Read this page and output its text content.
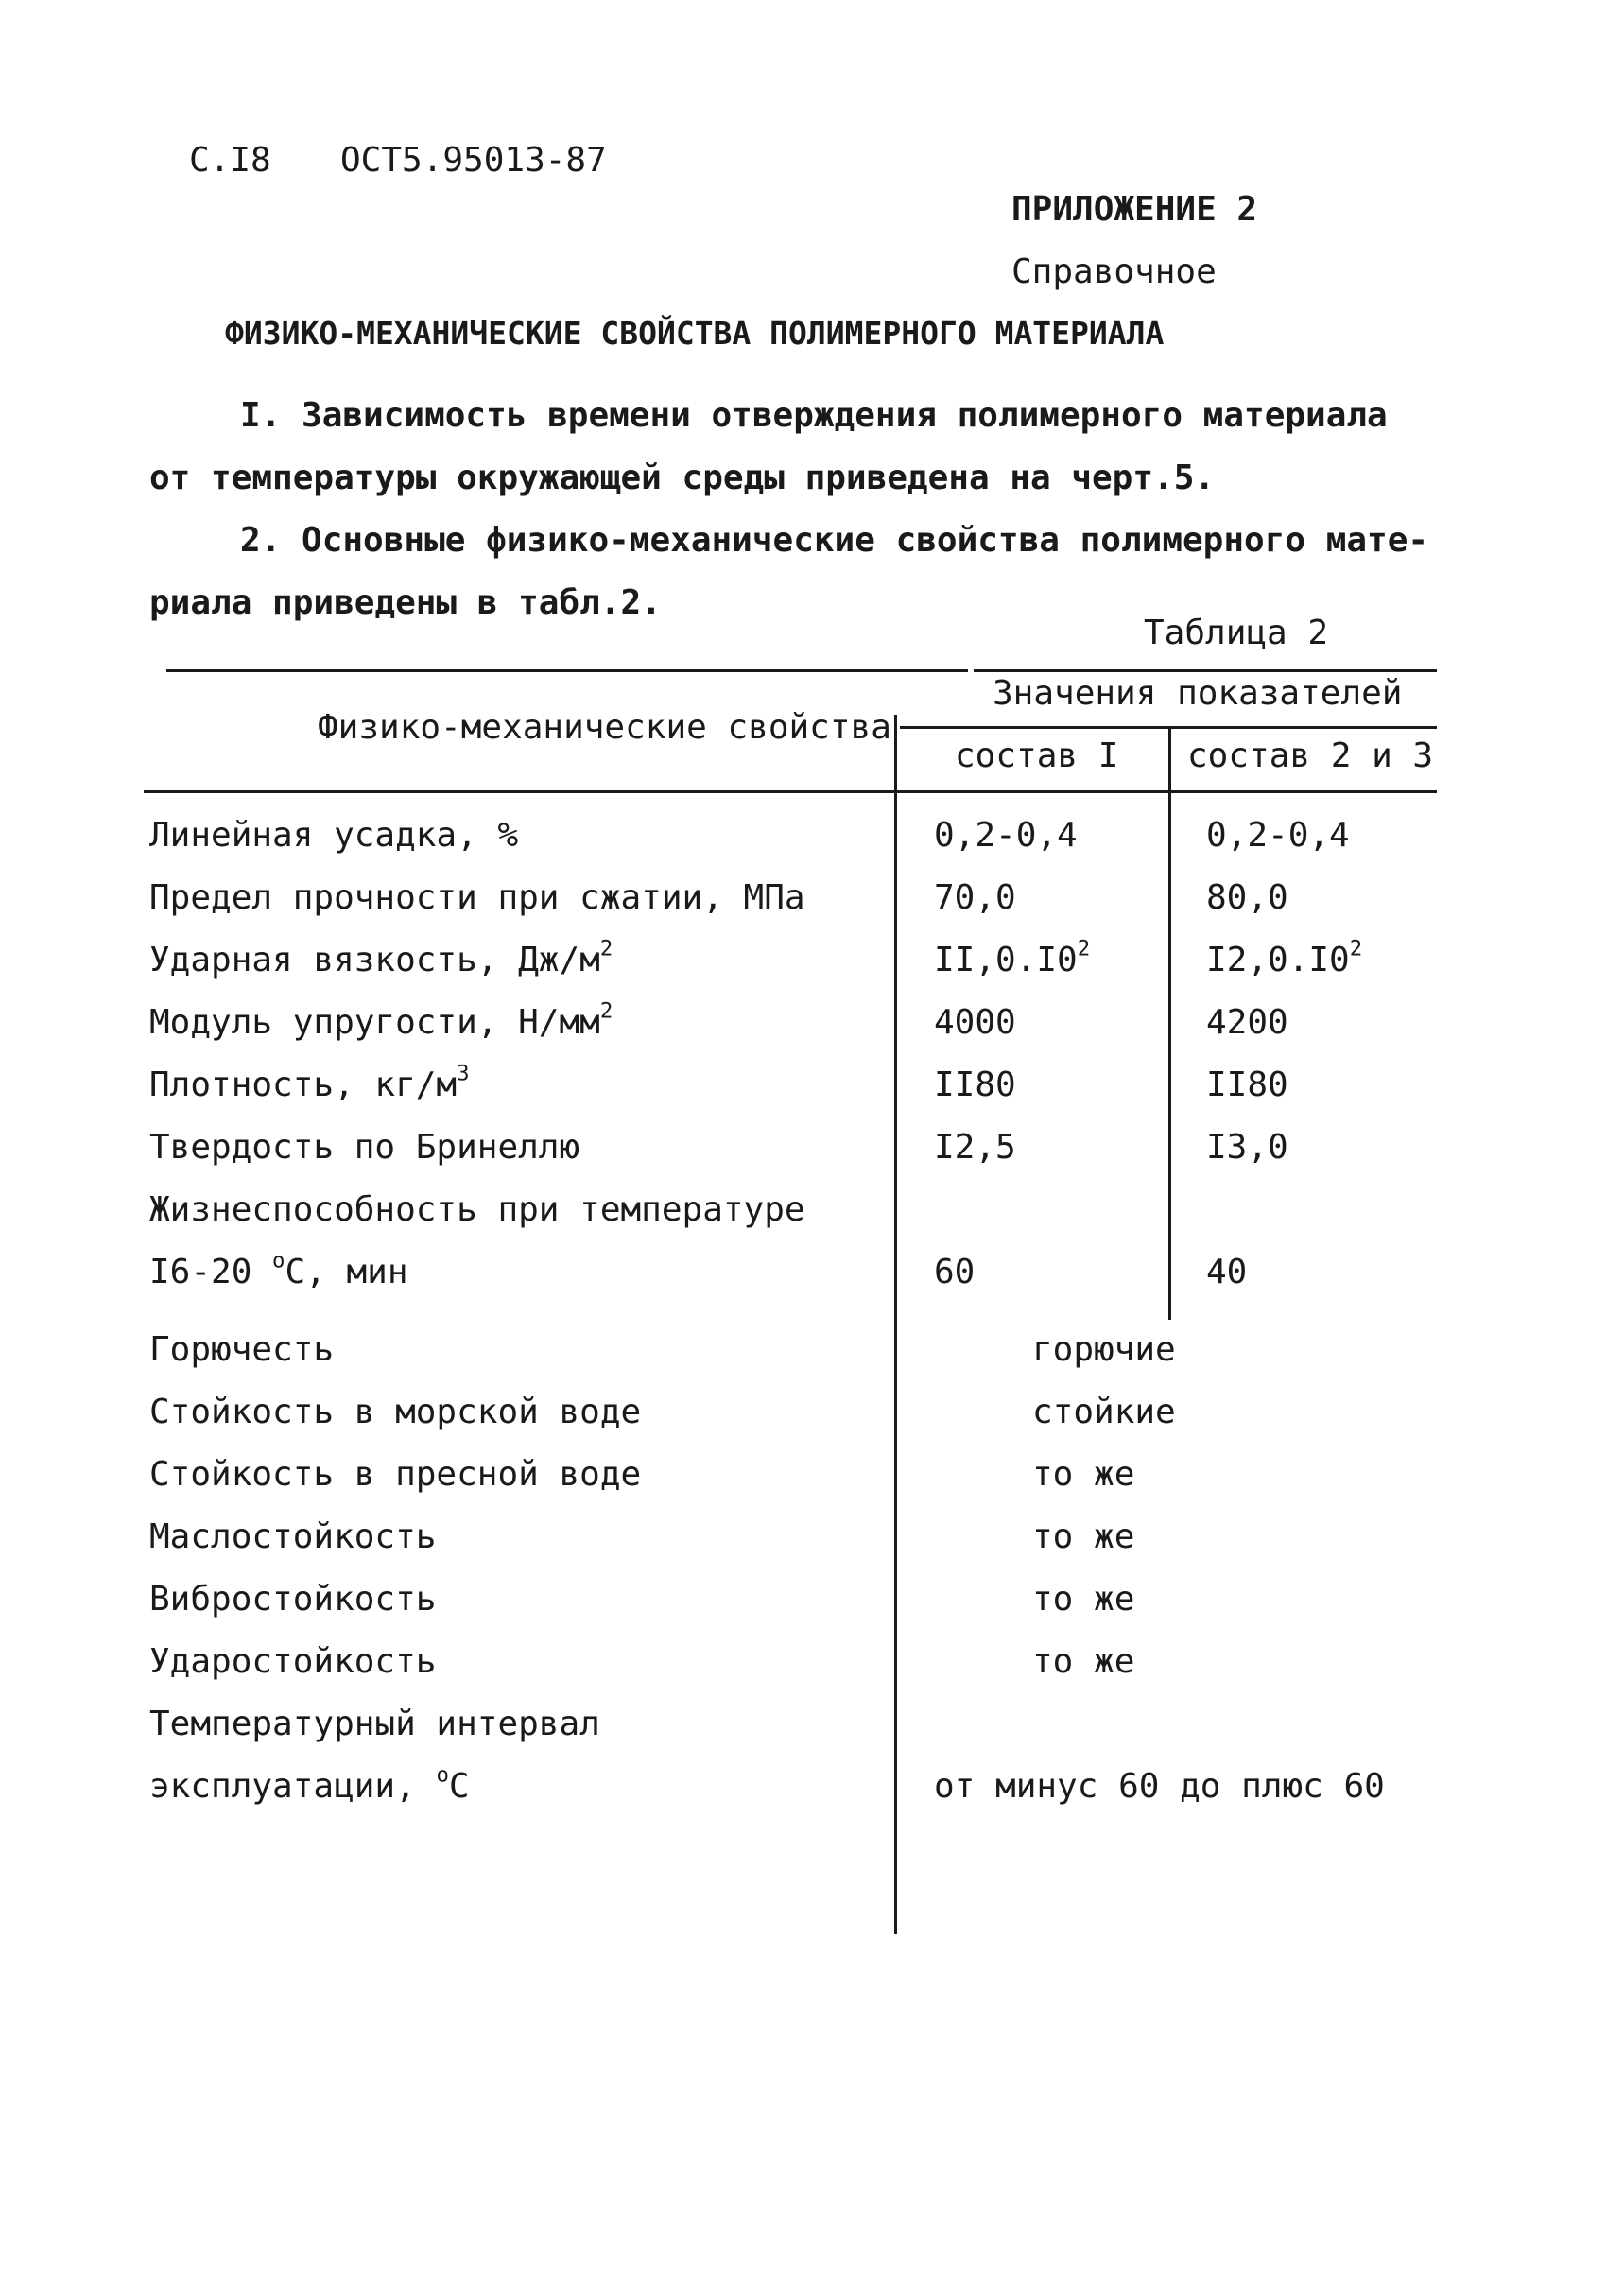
С.I8 ОСТ5.95013-87
ПРИЛОЖЕНИЕ 2
Справочное
ФИЗИКО-МЕХАНИЧЕСКИЕ СВОЙСТВА ПОЛИМЕРНОГО МАТЕРИАЛА
I. Зависимость времени отверждения полимерного материала
от температуры окружающей среды приведена на черт.5.
2. Основные физико-механические свойства полимерного мате-
риала приведены в табл.2.
Таблица 2
Физико-механические свойства
Значения показателей
состав I состав 2 и 3
Линейная усадка, %	0,2-0,4	0,2-0,4
Предел прочности при сжатии, МПа	70,0	80,0
Ударная вязкость, $Дж/м^2$	$II,0.I0^2$	$I2,0.I0^2$
Модуль упругости, $Н/мм^2$	4000	4200
Плотность, $кг/м^3$	II80	II80
Твердость по Бринеллю	I2,5	I3,0
Жизнеспособность при температуре
I6-20 $^o$С, мин	60	40
Горючесть	горючие
Стойкость в морской воде	стойкие
Стойкость в пресной воде	то же
Маслостойкость	то же
Вибростойкость	то же
Ударостойкость	то же
Температурный интервал
эксплуатации, $^o$С	от минус 60 до плюс 60
